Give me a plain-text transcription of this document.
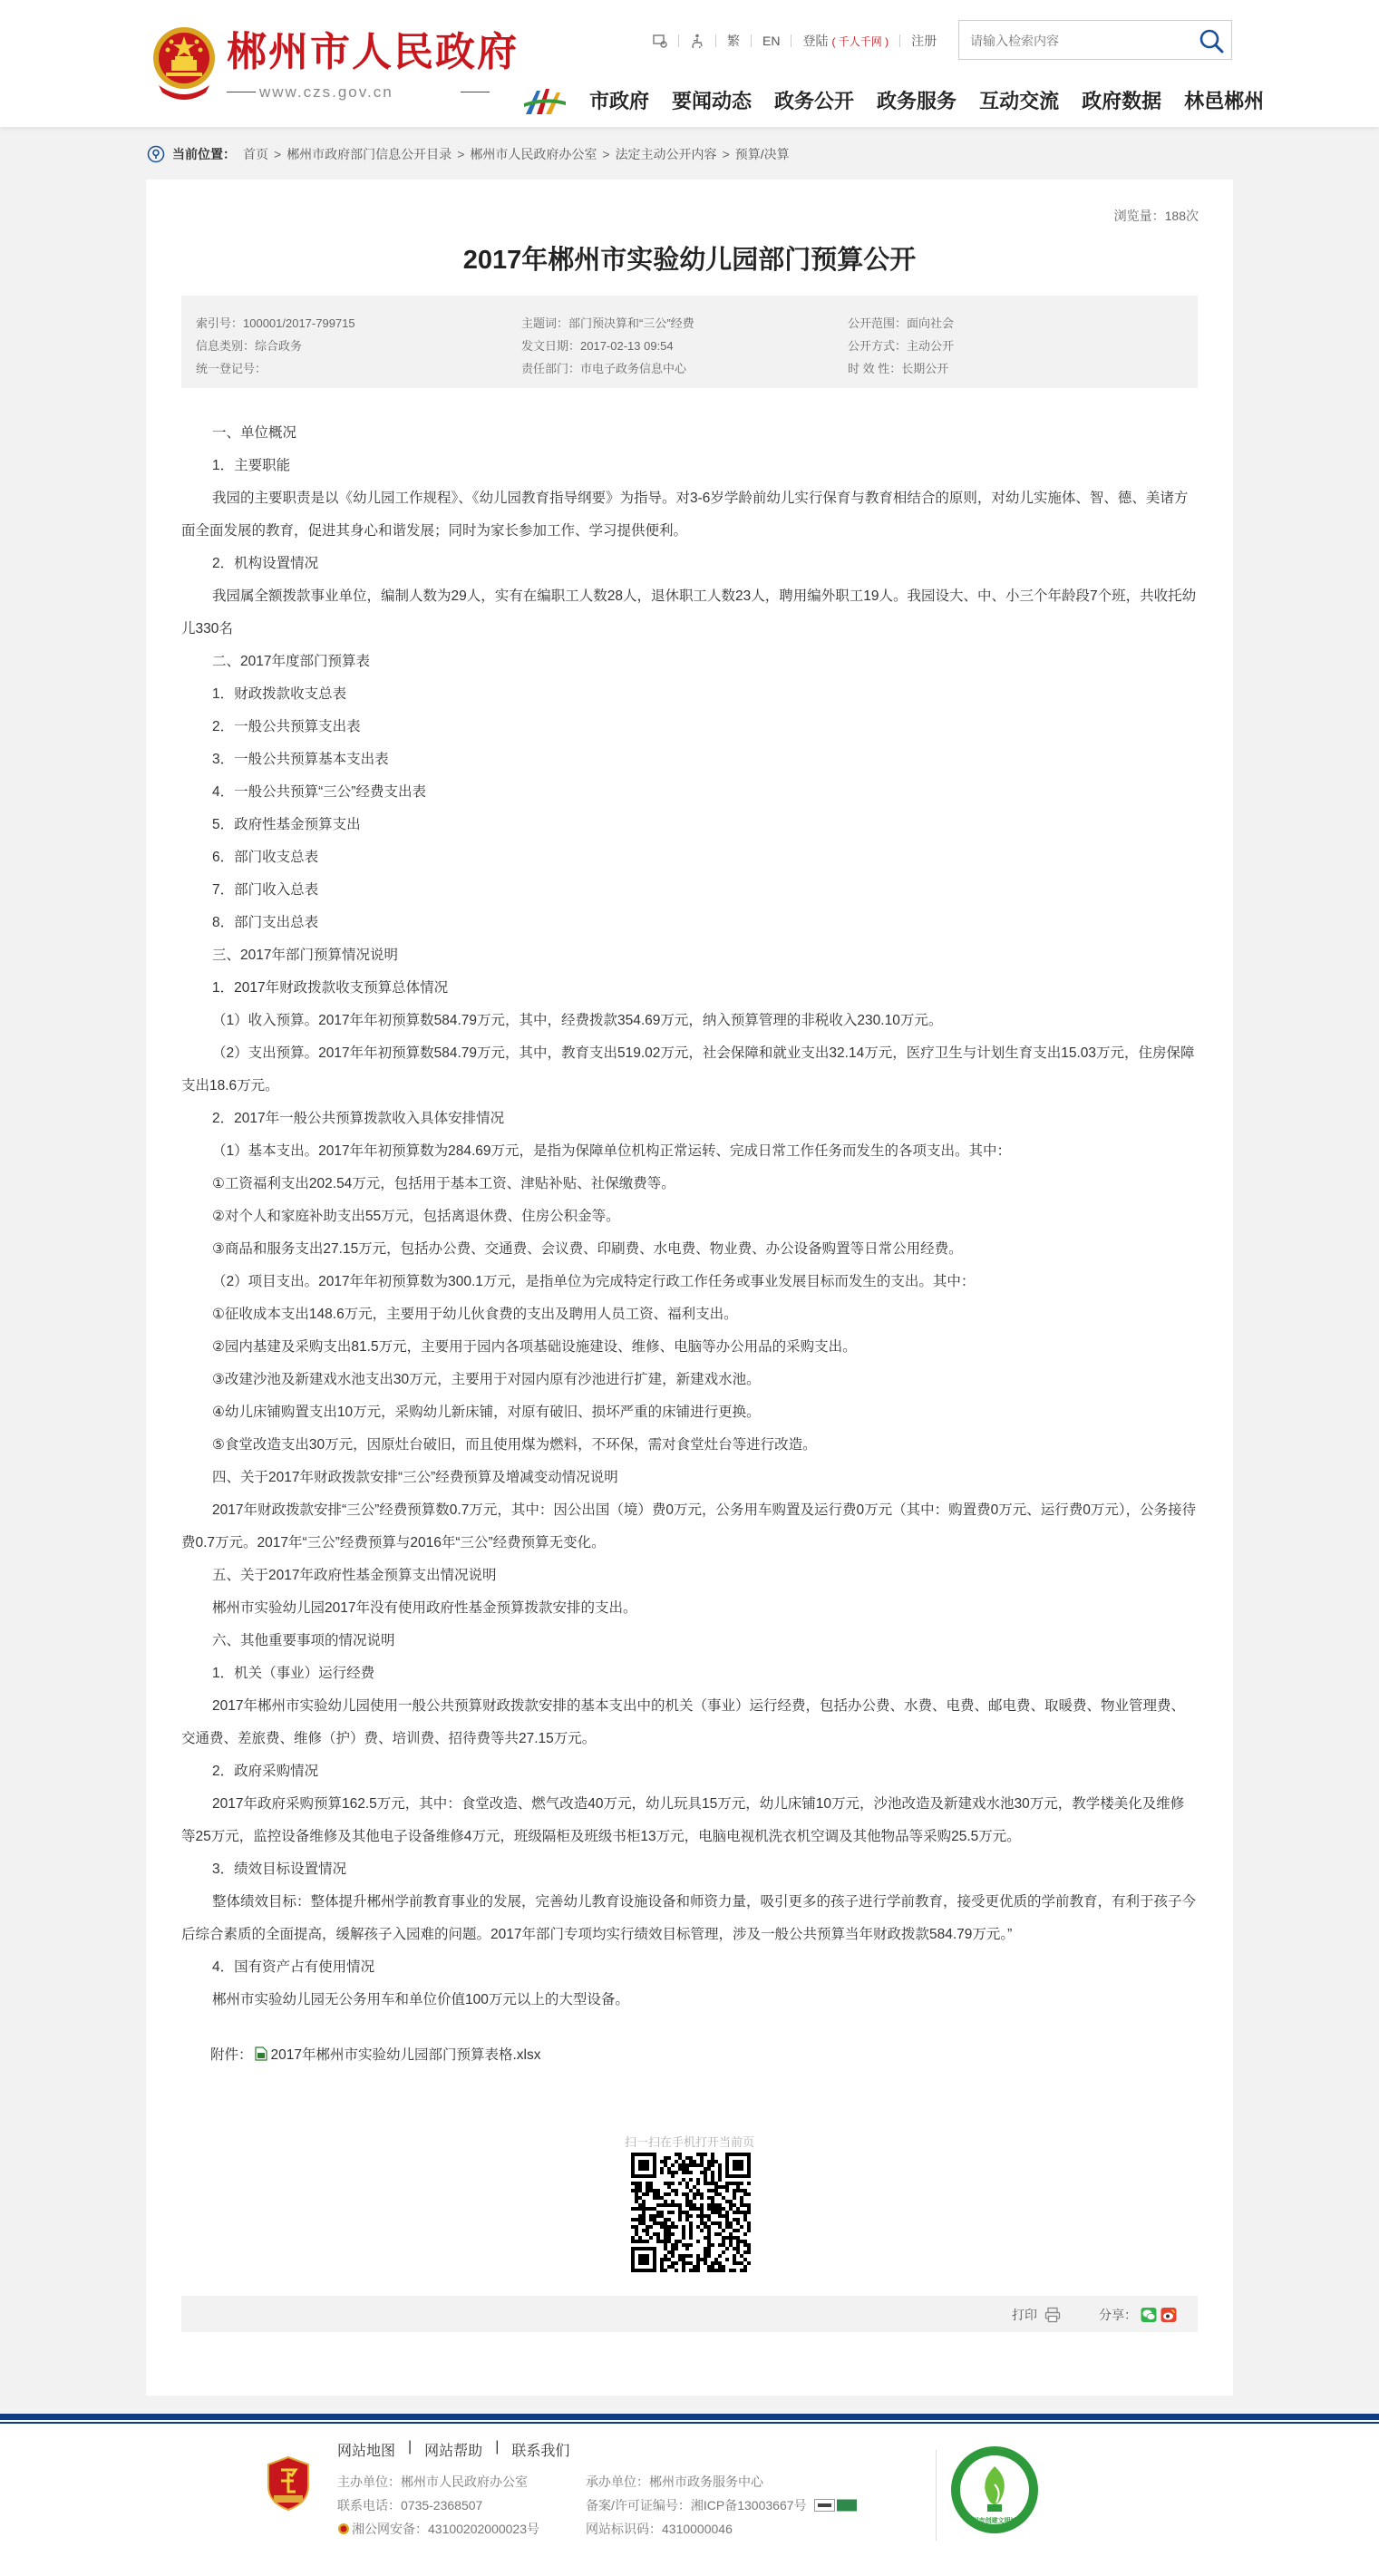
郴州市人民政府
www.czs.gov.cn
繁 EN 登陆 ( 千人千网 ) 注册
请输入检索内容
市政府 要闻动态 政务公开 政务服务 互动交流 政府数据 林邑郴州
当前位置： 首页 > 郴州市政府部门信息公开目录 > 郴州市人民政府办公室 > 法定主动公开内容 > 预算/决算
浏览量：188次
2017年郴州市实验幼儿园部门预算公开
索引号：100001/2017-799715
信息类别：综合政务
统一登记号：
主题词：部门预决算和“三公”经费
发文日期：2017-02-13 09:54
责任部门：市电子政务信息中心
公开范围：面向社会
公开方式：主动公开
时 效 性：长期公开

一、单位概况

1．主要职能

我园的主要职责是以《幼儿园工作规程》、《幼儿园教育指导纲要》为指导。对3-6岁学龄前幼儿实行保育与教育相结合的原则，对幼儿实施体、智、德、美诸方面全面发展的教育，促进其身心和谐发展；同时为家长参加工作、学习提供便利。

2．机构设置情况

我园属全额拨款事业单位，编制人数为29人，实有在编职工人数28人，退休职工人数23人，聘用编外职工19人。我园设大、中、小三个年龄段7个班，共收托幼儿330名

二、2017年度部门预算表

1．财政拨款收支总表

2．一般公共预算支出表

3．一般公共预算基本支出表

4．一般公共预算“三公”经费支出表

5．政府性基金预算支出

6．部门收支总表

7．部门收入总表

8．部门支出总表

三、2017年部门预算情况说明

1．2017年财政拨款收支预算总体情况

（1）收入预算。2017年年初预算数584.79万元，其中，经费拨款354.69万元，纳入预算管理的非税收入230.10万元。

（2）支出预算。2017年年初预算数584.79万元，其中，教育支出519.02万元，社会保障和就业支出32.14万元，医疗卫生与计划生育支出15.03万元，住房保障支出18.6万元。

2．2017年一般公共预算拨款收入具体安排情况

（1）基本支出。2017年年初预算数为284.69万元，是指为保障单位机构正常运转、完成日常工作任务而发生的各项支出。其中：

①工资福利支出202.54万元，包括用于基本工资、津贴补贴、社保缴费等。

②对个人和家庭补助支出55万元，包括离退休费、住房公积金等。

③商品和服务支出27.15万元，包括办公费、交通费、会议费、印刷费、水电费、物业费、办公设备购置等日常公用经费。

（2）项目支出。2017年年初预算数为300.1万元，是指单位为完成特定行政工作任务或事业发展目标而发生的支出。其中：

①征收成本支出148.6万元，主要用于幼儿伙食费的支出及聘用人员工资、福利支出。

②园内基建及采购支出81.5万元，主要用于园内各项基础设施建设、维修、电脑等办公用品的采购支出。

③改建沙池及新建戏水池支出30万元，主要用于对园内原有沙池进行扩建，新建戏水池。

④幼儿床铺购置支出10万元，采购幼儿新床铺，对原有破旧、损坏严重的床铺进行更换。

⑤食堂改造支出30万元，因原灶台破旧，而且使用煤为燃料，不环保，需对食堂灶台等进行改造。

四、关于2017年财政拨款安排“三公”经费预算及增减变动情况说明

2017年财政拨款安排“三公”经费预算数0.7万元，其中：因公出国（境）费0万元，公务用车购置及运行费0万元（其中：购置费0万元、运行费0万元），公务接待费0.7万元。2017年“三公”经费预算与2016年“三公”经费预算无变化。

五、关于2017年政府性基金预算支出情况说明

郴州市实验幼儿园2017年没有使用政府性基金预算拨款安排的支出。

六、其他重要事项的情况说明

1．机关（事业）运行经费

2017年郴州市实验幼儿园使用一般公共预算财政拨款安排的基本支出中的机关（事业）运行经费，包括办公费、水费、电费、邮电费、取暖费、物业管理费、交通费、差旅费、维修（护）费、培训费、招待费等共27.15万元。

2．政府采购情况

2017年政府采购预算162.5万元，其中：食堂改造、燃气改造40万元，幼儿玩具15万元，幼儿床铺10万元，沙池改造及新建戏水池30万元，教学楼美化及维修等25万元，监控设备维修及其他电子设备维修4万元，班级隔柜及班级书柜13万元，电脑电视机洗衣机空调及其他物品等采购25.5万元。

3．绩效目标设置情况

整体绩效目标：整体提升郴州学前教育事业的发展，完善幼儿教育设施设备和师资力量，吸引更多的孩子进行学前教育，接受更优质的学前教育，有利于孩子今后综合素质的全面提高，缓解孩子入园难的问题。2017年部门专项均实行绩效目标管理，涉及一般公共预算当年财政拨款584.79万元。”

4．国有资产占有使用情况

郴州市实验幼儿园无公务用车和单位价值100万元以上的大型设备。

附件： 2017年郴州市实验幼儿园部门预算表格.xlsx
扫一扫在手机打开当前页
打印	分享：
网站地图 | 网站帮助 | 联系我们
主办单位：郴州市人民政府办公室
联系电话：0735-2368507
湘公网安备：43100202000023号
承办单位：郴州市政务服务中心
备案/许可证编号：湘ICP备13003667号
网站标识码：4310000046
郴州市创建文明城市
